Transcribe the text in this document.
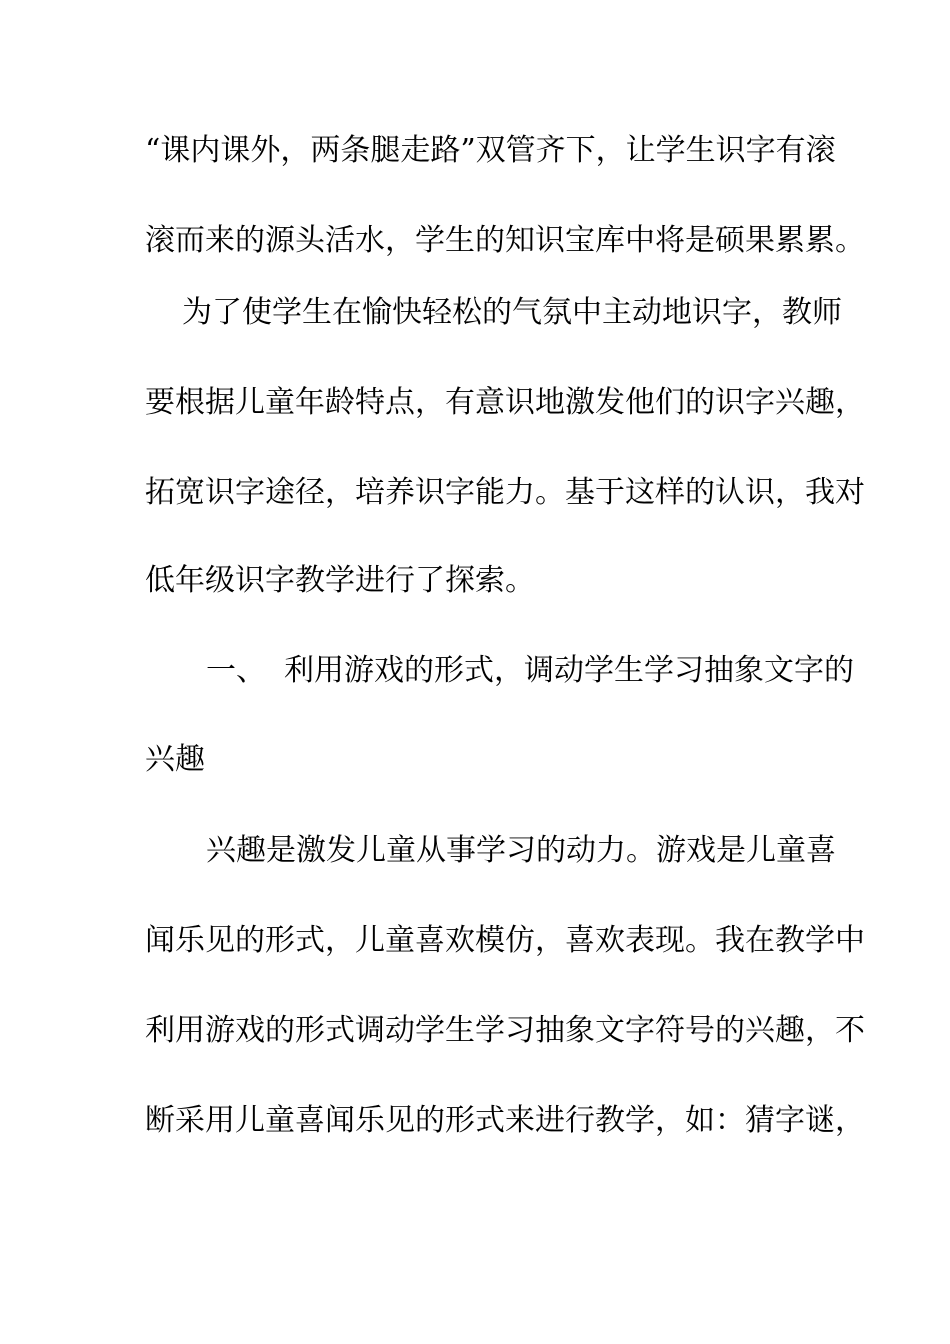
“课内课外，两条腿走路”双管齐下，让学生识字有滚
滚而来的源头活水，学生的知识宝库中将是硕果累累。
为了使学生在愉快轻松的气氛中主动地识字，教师
要根据儿童年龄特点，有意识地激发他们的识字兴趣，
拓宽识字途径，培养识字能力。基于这样的认识，我对
低年级识字教学进行了探索。
一、 利用游戏的形式，调动学生学习抽象文字的
兴趣
兴趣是激发儿童从事学习的动力。游戏是儿童喜
闻乐见的形式，儿童喜欢模仿，喜欢表现。我在教学中
利用游戏的形式调动学生学习抽象文字符号的兴趣，不
断采用儿童喜闻乐见的形式来进行教学，如：猜字谜，
